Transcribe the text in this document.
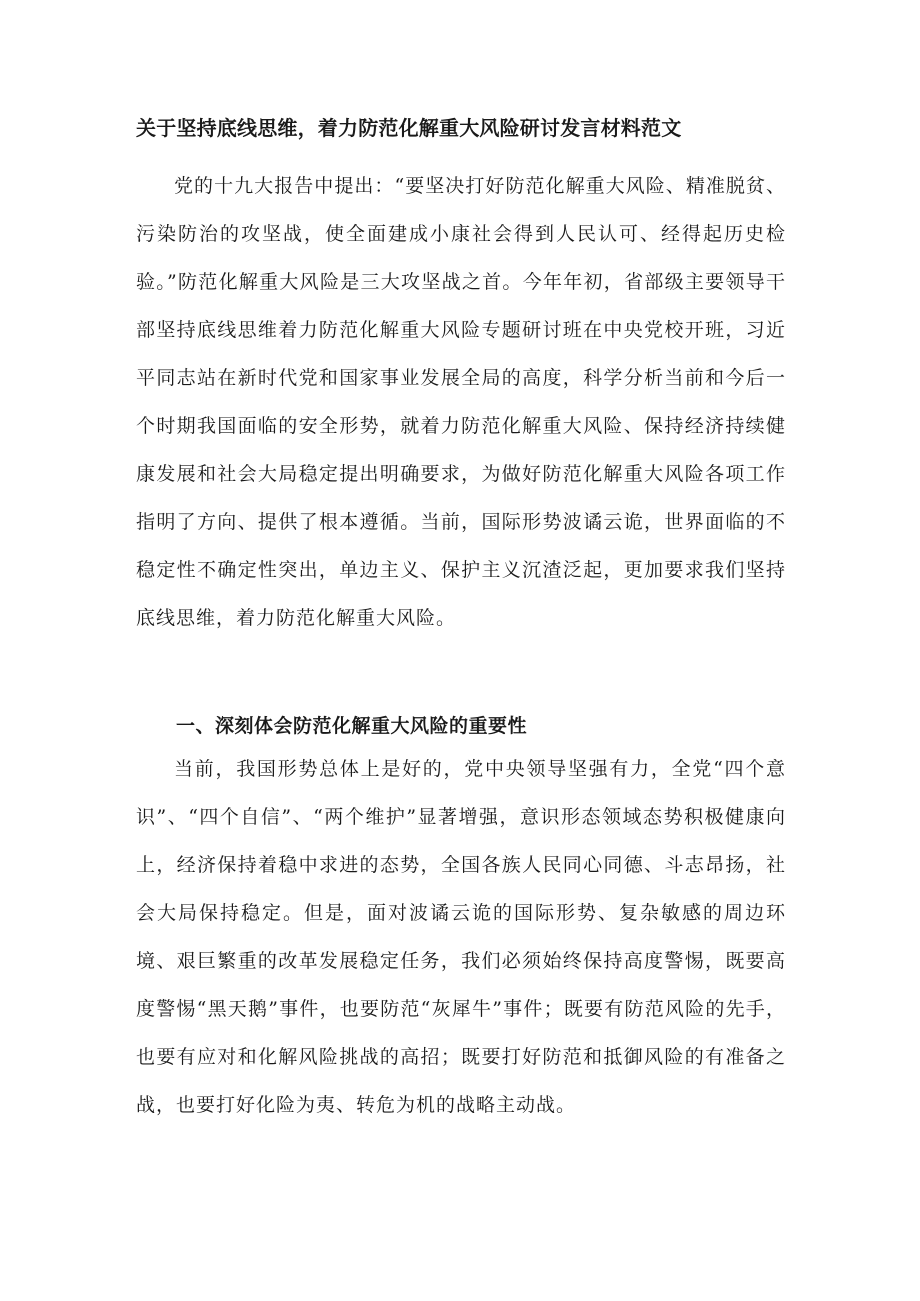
关于坚持底线思维，着力防范化解重大风险研讨发言材料范文

党的十九大报告中提出：“要坚决打好防范化解重大风险、精准脱贫、污染防治的攻坚战，使全面建成小康社会得到人民认可、经得起历史检验。”防范化解重大风险是三大攻坚战之首。今年年初，省部级主要领导干部坚持底线思维着力防范化解重大风险专题研讨班在中央党校开班，习近平同志站在新时代党和国家事业发展全局的高度，科学分析当前和今后一个时期我国面临的安全形势，就着力防范化解重大风险、保持经济持续健康发展和社会大局稳定提出明确要求，为做好防范化解重大风险各项工作指明了方向、提供了根本遵循。当前，国际形势波谲云诡，世界面临的不稳定性不确定性突出，单边主义、保护主义沉渣泛起，更加要求我们坚持底线思维，着力防范化解重大风险。

一、深刻体会防范化解重大风险的重要性

当前，我国形势总体上是好的，党中央领导坚强有力，全党“四个意识”、“四个自信”、“两个维护”显著增强，意识形态领域态势积极健康向上，经济保持着稳中求进的态势，全国各族人民同心同德、斗志昂扬，社会大局保持稳定。但是，面对波谲云诡的国际形势、复杂敏感的周边环境、艰巨繁重的改革发展稳定任务，我们必须始终保持高度警惕，既要高度警惕“黑天鹅”事件，也要防范“灰犀牛”事件；既要有防范风险的先手，也要有应对和化解风险挑战的高招；既要打好防范和抵御风险的有准备之战，也要打好化险为夷、转危为机的战略主动战。
